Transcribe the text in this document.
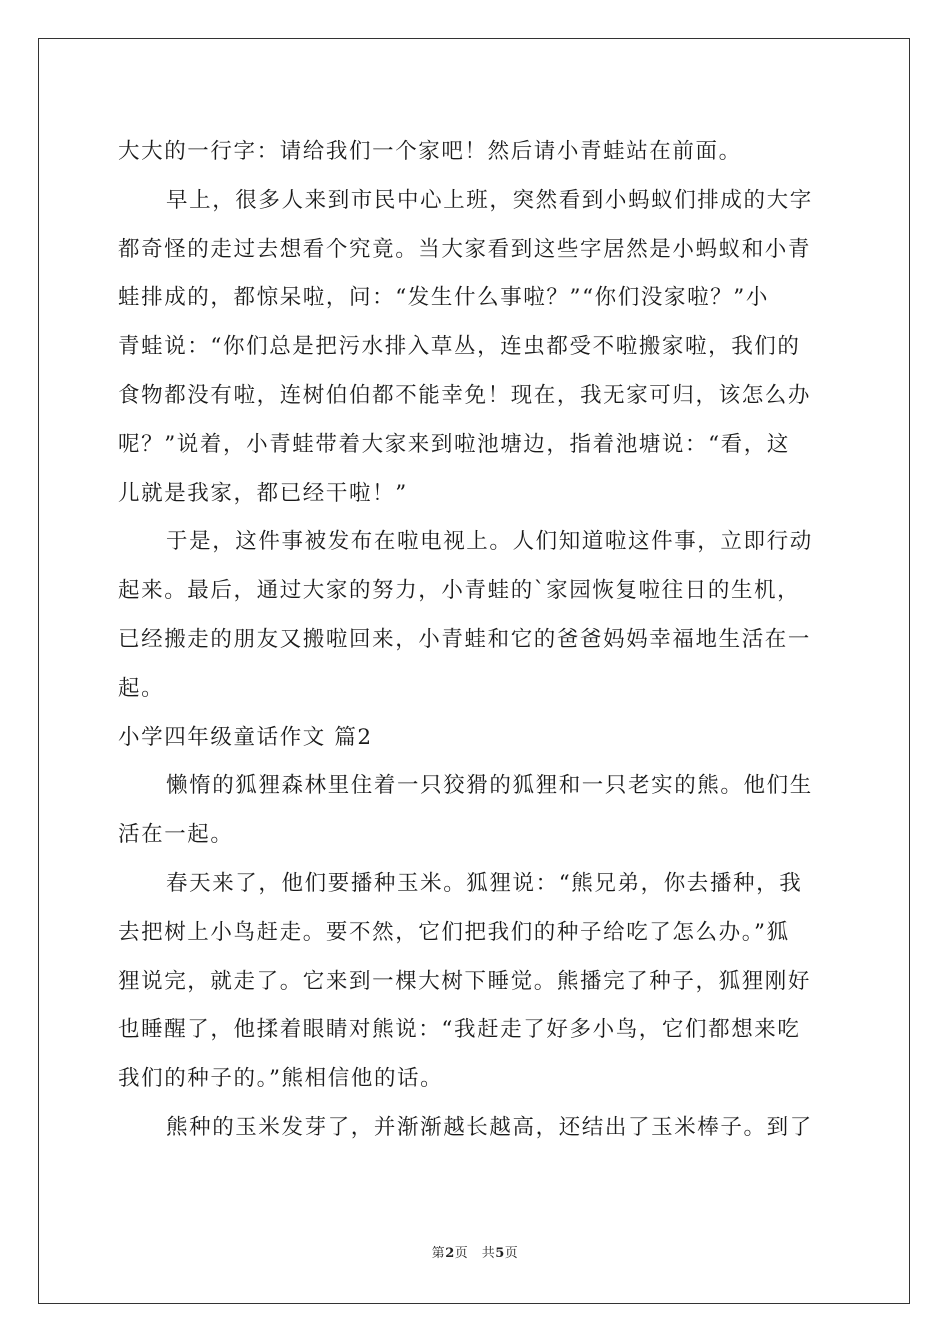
大大的一行字：请给我们一个家吧！然后请小青蛙站在前面。
早上，很多人来到市民中心上班，突然看到小蚂蚁们排成的大字
都奇怪的走过去想看个究竟。当大家看到这些字居然是小蚂蚁和小青
蛙排成的，都惊呆啦，问：“发生什么事啦？”“你们没家啦？”小
青蛙说：“你们总是把污水排入草丛，连虫都受不啦搬家啦，我们的
食物都没有啦，连树伯伯都不能幸免！现在，我无家可归，该怎么办
呢？”说着，小青蛙带着大家来到啦池塘边，指着池塘说：“看，这
儿就是我家，都已经干啦！”
于是，这件事被发布在啦电视上。人们知道啦这件事，立即行动
起来。最后，通过大家的努力，小青蛙的`家园恢复啦往日的生机，
已经搬走的朋友又搬啦回来，小青蛙和它的爸爸妈妈幸福地生活在一
起。
小学四年级童话作文 篇2
懒惰的狐狸森林里住着一只狡猾的狐狸和一只老实的熊。他们生
活在一起。
春天来了，他们要播种玉米。狐狸说：“熊兄弟，你去播种，我
去把树上小鸟赶走。要不然，它们把我们的种子给吃了怎么办。”狐
狸说完，就走了。它来到一棵大树下睡觉。熊播完了种子，狐狸刚好
也睡醒了，他揉着眼睛对熊说：“我赶走了好多小鸟，它们都想来吃
我们的种子的。”熊相信他的话。
熊种的玉米发芽了，并渐渐越长越高，还结出了玉米棒子。到了
第2页　共5页
